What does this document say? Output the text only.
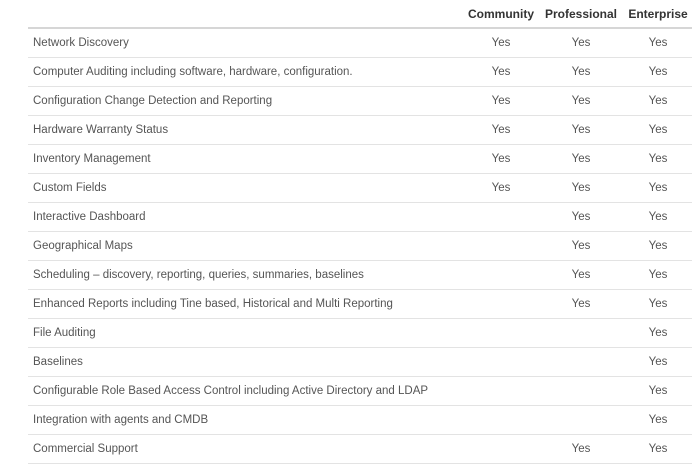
	Community	Professional	Enterprise
Network Discovery	Yes	Yes	Yes
Computer Auditing including software, hardware, configuration.	Yes	Yes	Yes
Configuration Change Detection and Reporting	Yes	Yes	Yes
Hardware Warranty Status	Yes	Yes	Yes
Inventory Management	Yes	Yes	Yes
Custom Fields	Yes	Yes	Yes
Interactive Dashboard		Yes	Yes
Geographical Maps		Yes	Yes
Scheduling – discovery, reporting, queries, summaries, baselines		Yes	Yes
Enhanced Reports including Tine based, Historical and Multi Reporting		Yes	Yes
File Auditing			Yes
Baselines			Yes
Configurable Role Based Access Control including Active Directory and LDAP			Yes
Integration with agents and CMDB			Yes
Commercial Support		Yes	Yes
